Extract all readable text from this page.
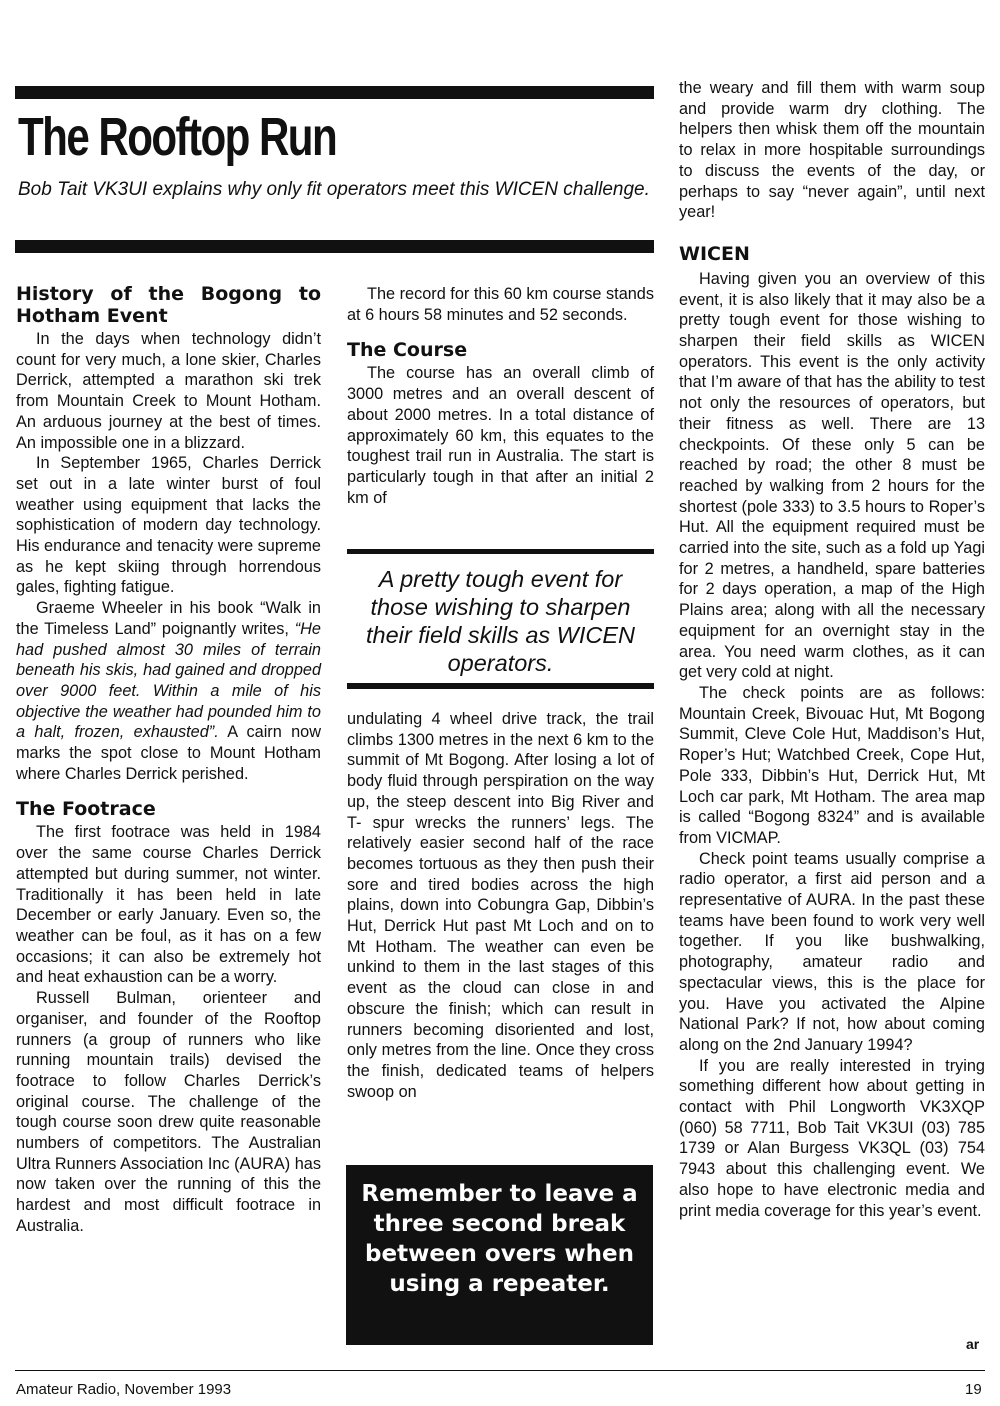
The Rooftop Run
Bob Tait VK3UI explains why only fit operators meet this WICEN challenge.
History of the Bogong to Hotham Event

In the days when technology didn’t count for very much, a lone skier, Charles Derrick, attempted a marathon ski trek from Mountain Creek to Mount Hotham. An arduous journey at the best of times. An impossible one in a blizzard.

In September 1965, Charles Derrick set out in a late winter burst of foul weather using equipment that lacks the sophistication of modern day technology. His endurance and tenacity were supreme as he kept skiing through horrendous gales, fighting fatigue.

Graeme Wheeler in his book “Walk in the Timeless Land” poignantly writes, “He had pushed almost 30 miles of terrain beneath his skis, had gained and dropped over 9000 feet. Within a mile of his objective the weather had pounded him to a halt, frozen, exhausted”. A cairn now marks the spot close to Mount Hotham where Charles Derrick perished.

The Footrace

The first footrace was held in 1984 over the same course Charles Derrick attempted but during summer, not winter. Traditionally it has been held in late December or early January. Even so, the weather can be foul, as it has on a few occasions; it can also be extremely hot and heat exhaustion can be a worry.

Russell Bulman, orienteer and organiser, and founder of the Rooftop runners (a group of runners who like running mountain trails) devised the footrace to follow Charles Derrick’s original course. The challenge of the tough course soon drew quite reasonable numbers of competitors. The Australian Ultra Runners Association Inc (AURA) has now taken over the running of this the hardest and most difficult footrace in Australia.

The record for this 60 km course stands at 6 hours 58 minutes and 52 seconds.

The Course

The course has an overall climb of 3000 metres and an overall descent of about 2000 metres. In a total distance of approximately 60 km, this equates to the toughest trail run in Australia. The start is particularly tough in that after an initial 2 km of

A pretty tough event for those wishing to sharpen their field skills as WICEN operators.

undulating 4 wheel drive track, the trail climbs 1300 metres in the next 6 km to the summit of Mt Bogong. After losing a lot of body fluid through perspiration on the way up, the steep descent into Big River and T- spur wrecks the runners’ legs. The relatively easier second half of the race becomes tortuous as they then push their sore and tired bodies across the high plains, down into Cobungra Gap, Dibbin’s Hut, Derrick Hut past Mt Loch and on to Mt Hotham. The weather can even be unkind to them in the last stages of this event as the cloud can close in and obscure the finish; which can result in runners becoming disoriented and lost, only metres from the line. Once they cross the finish, dedicated teams of helpers swoop on

Remember to leave a three second break between overs when using a repeater.

the weary and fill them with warm soup and provide warm dry clothing. The helpers then whisk them off the mountain to relax in more hospitable surroundings to discuss the events of the day, or perhaps to say “never again”, until next year!

WICEN

Having given you an overview of this event, it is also likely that it may also be a pretty tough event for those wishing to sharpen their field skills as WICEN operators. This event is the only activity that I’m aware of that has the ability to test not only the resources of operators, but their fitness as well. There are 13 checkpoints. Of these only 5 can be reached by road; the other 8 must be reached by walking from 2 hours for the shortest (pole 333) to 3.5 hours to Roper’s Hut. All the equipment required must be carried into the site, such as a fold up Yagi for 2 metres, a handheld, spare batteries for 2 days operation, a map of the High Plains area; along with all the necessary equipment for an overnight stay in the area. You need warm clothes, as it can get very cold at night.

The check points are as follows: Mountain Creek, Bivouac Hut, Mt Bogong Summit, Cleve Cole Hut, Maddison’s Hut, Roper’s Hut; Watchbed Creek, Cope Hut, Pole 333, Dibbin’s Hut, Derrick Hut, Mt Loch car park, Mt Hotham. The area map is called “Bogong 8324” and is available from VICMAP.

Check point teams usually comprise a radio operator, a first aid person and a representative of AURA. In the past these teams have been found to work very well together. If you like bushwalking, photography, amateur radio and spectacular views, this is the place for you. Have you activated the Alpine National Park? If not, how about coming along on the 2nd January 1994?

If you are really interested in trying something different how about getting in contact with Phil Longworth VK3XQP (060) 58 7711, Bob Tait VK3UI (03) 785 1739 or Alan Burgess VK3QL (03) 754 7943 about this challenging event. We also hope to have electronic media and print media coverage for this year’s event.

ar
Amateur Radio, November 1993	19
